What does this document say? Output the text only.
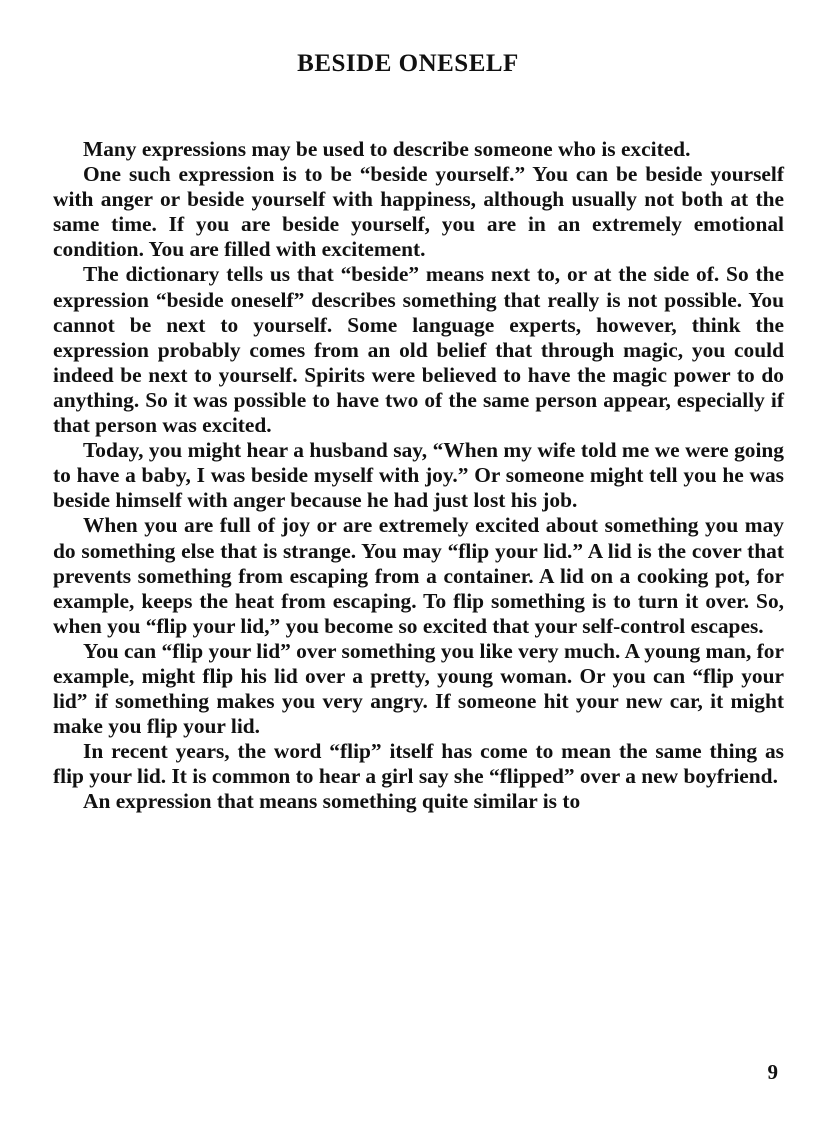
BESIDE ONESELF

Many expressions may be used to describe someone who is excited.

One such expression is to be “beside yourself.” You can be beside yourself with anger or beside yourself with happiness, although usually not both at the same time. If you are beside yourself, you are in an extremely emotional condition. You are filled with excitement.

The dictionary tells us that “beside” means next to, or at the side of. So the expression “beside oneself” describes something that really is not possible. You cannot be next to yourself. Some language experts, however, think the expression probably comes from an old belief that through magic, you could indeed be next to yourself. Spirits were believed to have the magic power to do anything. So it was possible to have two of the same person appear, especially if that person was excited.

Today, you might hear a husband say, “When my wife told me we were going to have a baby, I was beside myself with joy.” Or someone might tell you he was beside himself with anger because he had just lost his job.

When you are full of joy or are extremely excited about something you may do something else that is strange. You may “flip your lid.” A lid is the cover that prevents something from escaping from a container. A lid on a cooking pot, for example, keeps the heat from escaping. To flip something is to turn it over. So, when you “flip your lid,” you become so excited that your self-control escapes.

You can “flip your lid” over something you like very much. A young man, for example, might flip his lid over a pretty, young woman. Or you can “flip your lid” if something makes you very angry. If someone hit your new car, it might make you flip your lid.

In recent years, the word “flip” itself has come to mean the same thing as flip your lid. It is common to hear a girl say she “flipped” over a new boyfriend.

An expression that means something quite similar is to

9
